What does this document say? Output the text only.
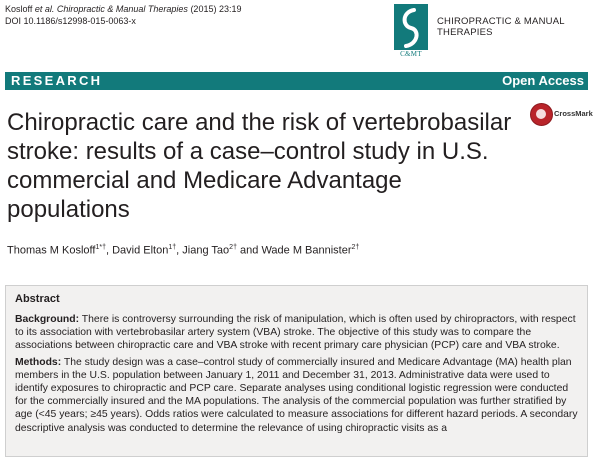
Kosloff et al. Chiropractic & Manual Therapies (2015) 23:19
DOI 10.1186/s12998-015-0063-x
C&MT
CHIROPRACTIC & MANUAL THERAPIES
RESEARCH	Open Access
CrossMark
Chiropractic care and the risk of vertebrobasilar stroke: results of a case–control study in U.S. commercial and Medicare Advantage populations
Thomas M Kosloff$^{1*\dagger}$, David Elton$^{1\dagger}$, Jiang Tao$^{2\dagger}$ and Wade M Bannister$^{2\dagger}$
Abstract

Background: There is controversy surrounding the risk of manipulation, which is often used by chiropractors, with respect to its association with vertebrobasilar artery system (VBA) stroke. The objective of this study was to compare the associations between chiropractic care and VBA stroke with recent primary care physician (PCP) care and VBA stroke.

Methods: The study design was a case–control study of commercially insured and Medicare Advantage (MA) health plan members in the U.S. population between January 1, 2011 and December 31, 2013. Administrative data were used to identify exposures to chiropractic and PCP care. Separate analyses using conditional logistic regression were conducted for the commercially insured and the MA populations. The analysis of the commercial population was further stratified by age (<45 years; ≥45 years). Odds ratios were calculated to measure associations for different hazard periods. A secondary descriptive analysis was conducted to determine the relevance of using chiropractic visits as a
